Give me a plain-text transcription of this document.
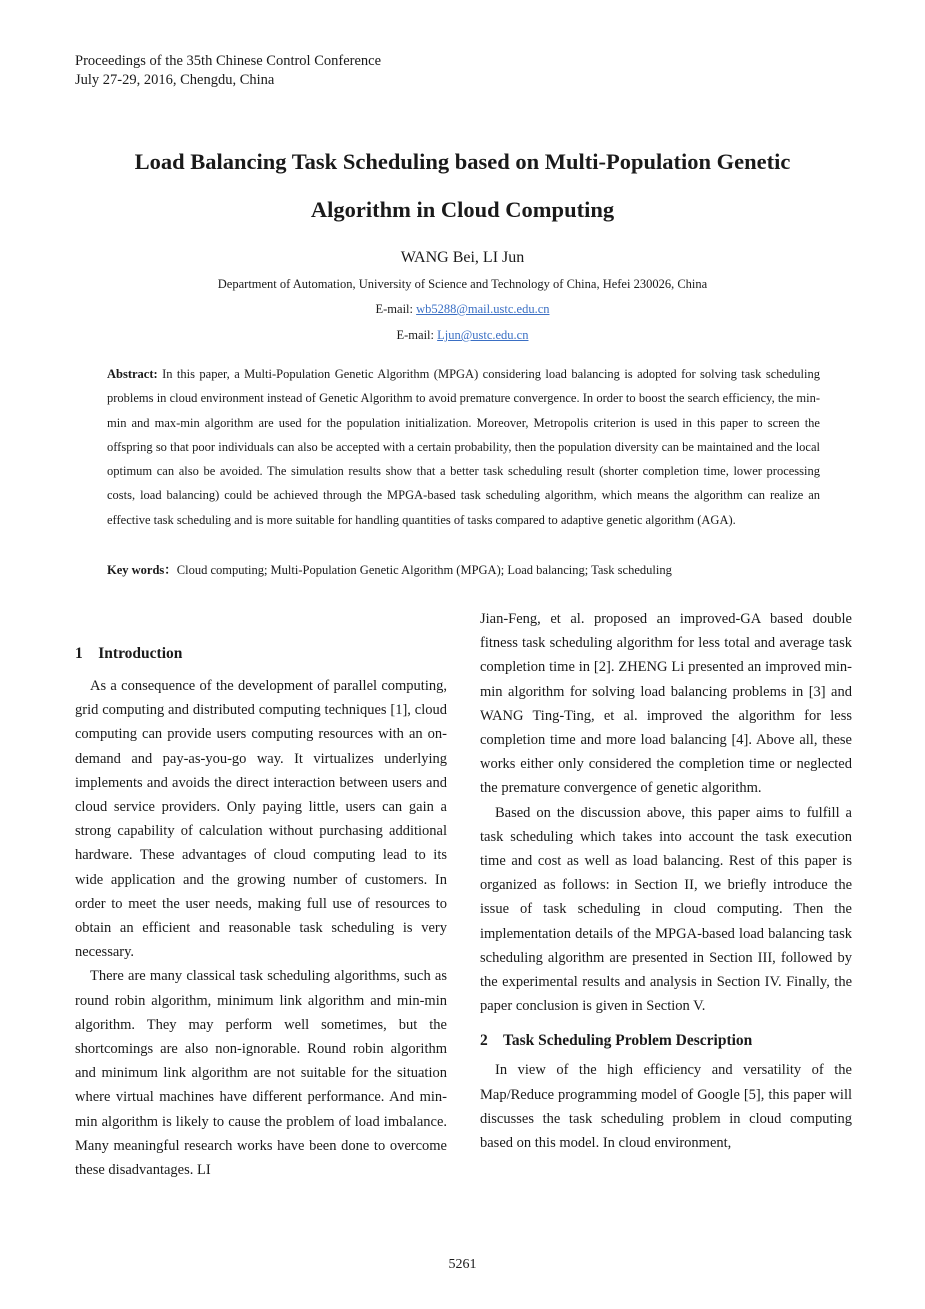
Proceedings of the 35th Chinese Control Conference
July 27-29, 2016, Chengdu, China
Load Balancing Task Scheduling based on Multi-Population Genetic
Algorithm in Cloud Computing
WANG Bei, LI Jun
Department of Automation, University of Science and Technology of China, Hefei 230026, China
E-mail: wb5288@mail.ustc.edu.cn
E-mail: Ljun@ustc.edu.cn
Abstract: In this paper, a Multi-Population Genetic Algorithm (MPGA) considering load balancing is adopted for solving task scheduling problems in cloud environment instead of Genetic Algorithm to avoid premature convergence. In order to boost the search efficiency, the min-min and max-min algorithm are used for the population initialization. Moreover, Metropolis criterion is used in this paper to screen the offspring so that poor individuals can also be accepted with a certain probability, then the population diversity can be maintained and the local optimum can also be avoided. The simulation results show that a better task scheduling result (shorter completion time, lower processing costs, load balancing) could be achieved through the MPGA-based task scheduling algorithm, which means the algorithm can realize an effective task scheduling and is more suitable for handling quantities of tasks compared to adaptive genetic algorithm (AGA).
Key words：Cloud computing; Multi-Population Genetic Algorithm (MPGA); Load balancing; Task scheduling
1    Introduction

As a consequence of the development of parallel computing, grid computing and distributed computing techniques [1], cloud computing can provide users computing resources with an on-demand and pay-as-you-go way. It virtualizes underlying implements and avoids the direct interaction between users and cloud service providers. Only paying little, users can gain a strong capability of calculation without purchasing additional hardware. These advantages of cloud computing lead to its wide application and the growing number of customers. In order to meet the user needs, making full use of resources to obtain an efficient and reasonable task scheduling is very necessary.

There are many classical task scheduling algorithms, such as round robin algorithm, minimum link algorithm and min-min algorithm. They may perform well sometimes, but the shortcomings are also non-ignorable. Round robin algorithm and minimum link algorithm are not suitable for the situation where virtual machines have different performance. And min-min algorithm is likely to cause the problem of load imbalance. Many meaningful research works have been done to overcome these disadvantages. LI

Jian-Feng, et al. proposed an improved-GA based double fitness task scheduling algorithm for less total and average task completion time in [2]. ZHENG Li presented an improved min-min algorithm for solving load balancing problems in [3] and WANG Ting-Ting, et al. improved the algorithm for less completion time and more load balancing [4]. Above all, these works either only considered the completion time or neglected the premature convergence of genetic algorithm.

Based on the discussion above, this paper aims to fulfill a task scheduling which takes into account the task execution time and cost as well as load balancing. Rest of this paper is organized as follows: in Section II, we briefly introduce the issue of task scheduling in cloud computing. Then the implementation details of the MPGA-based load balancing task scheduling algorithm are presented in Section III, followed by the experimental results and analysis in Section IV. Finally, the paper conclusion is given in Section V.

2    Task Scheduling Problem Description

In view of the high efficiency and versatility of the Map/Reduce programming model of Google [5], this paper will discusses the task scheduling problem in cloud computing based on this model. In cloud environment,

5261
